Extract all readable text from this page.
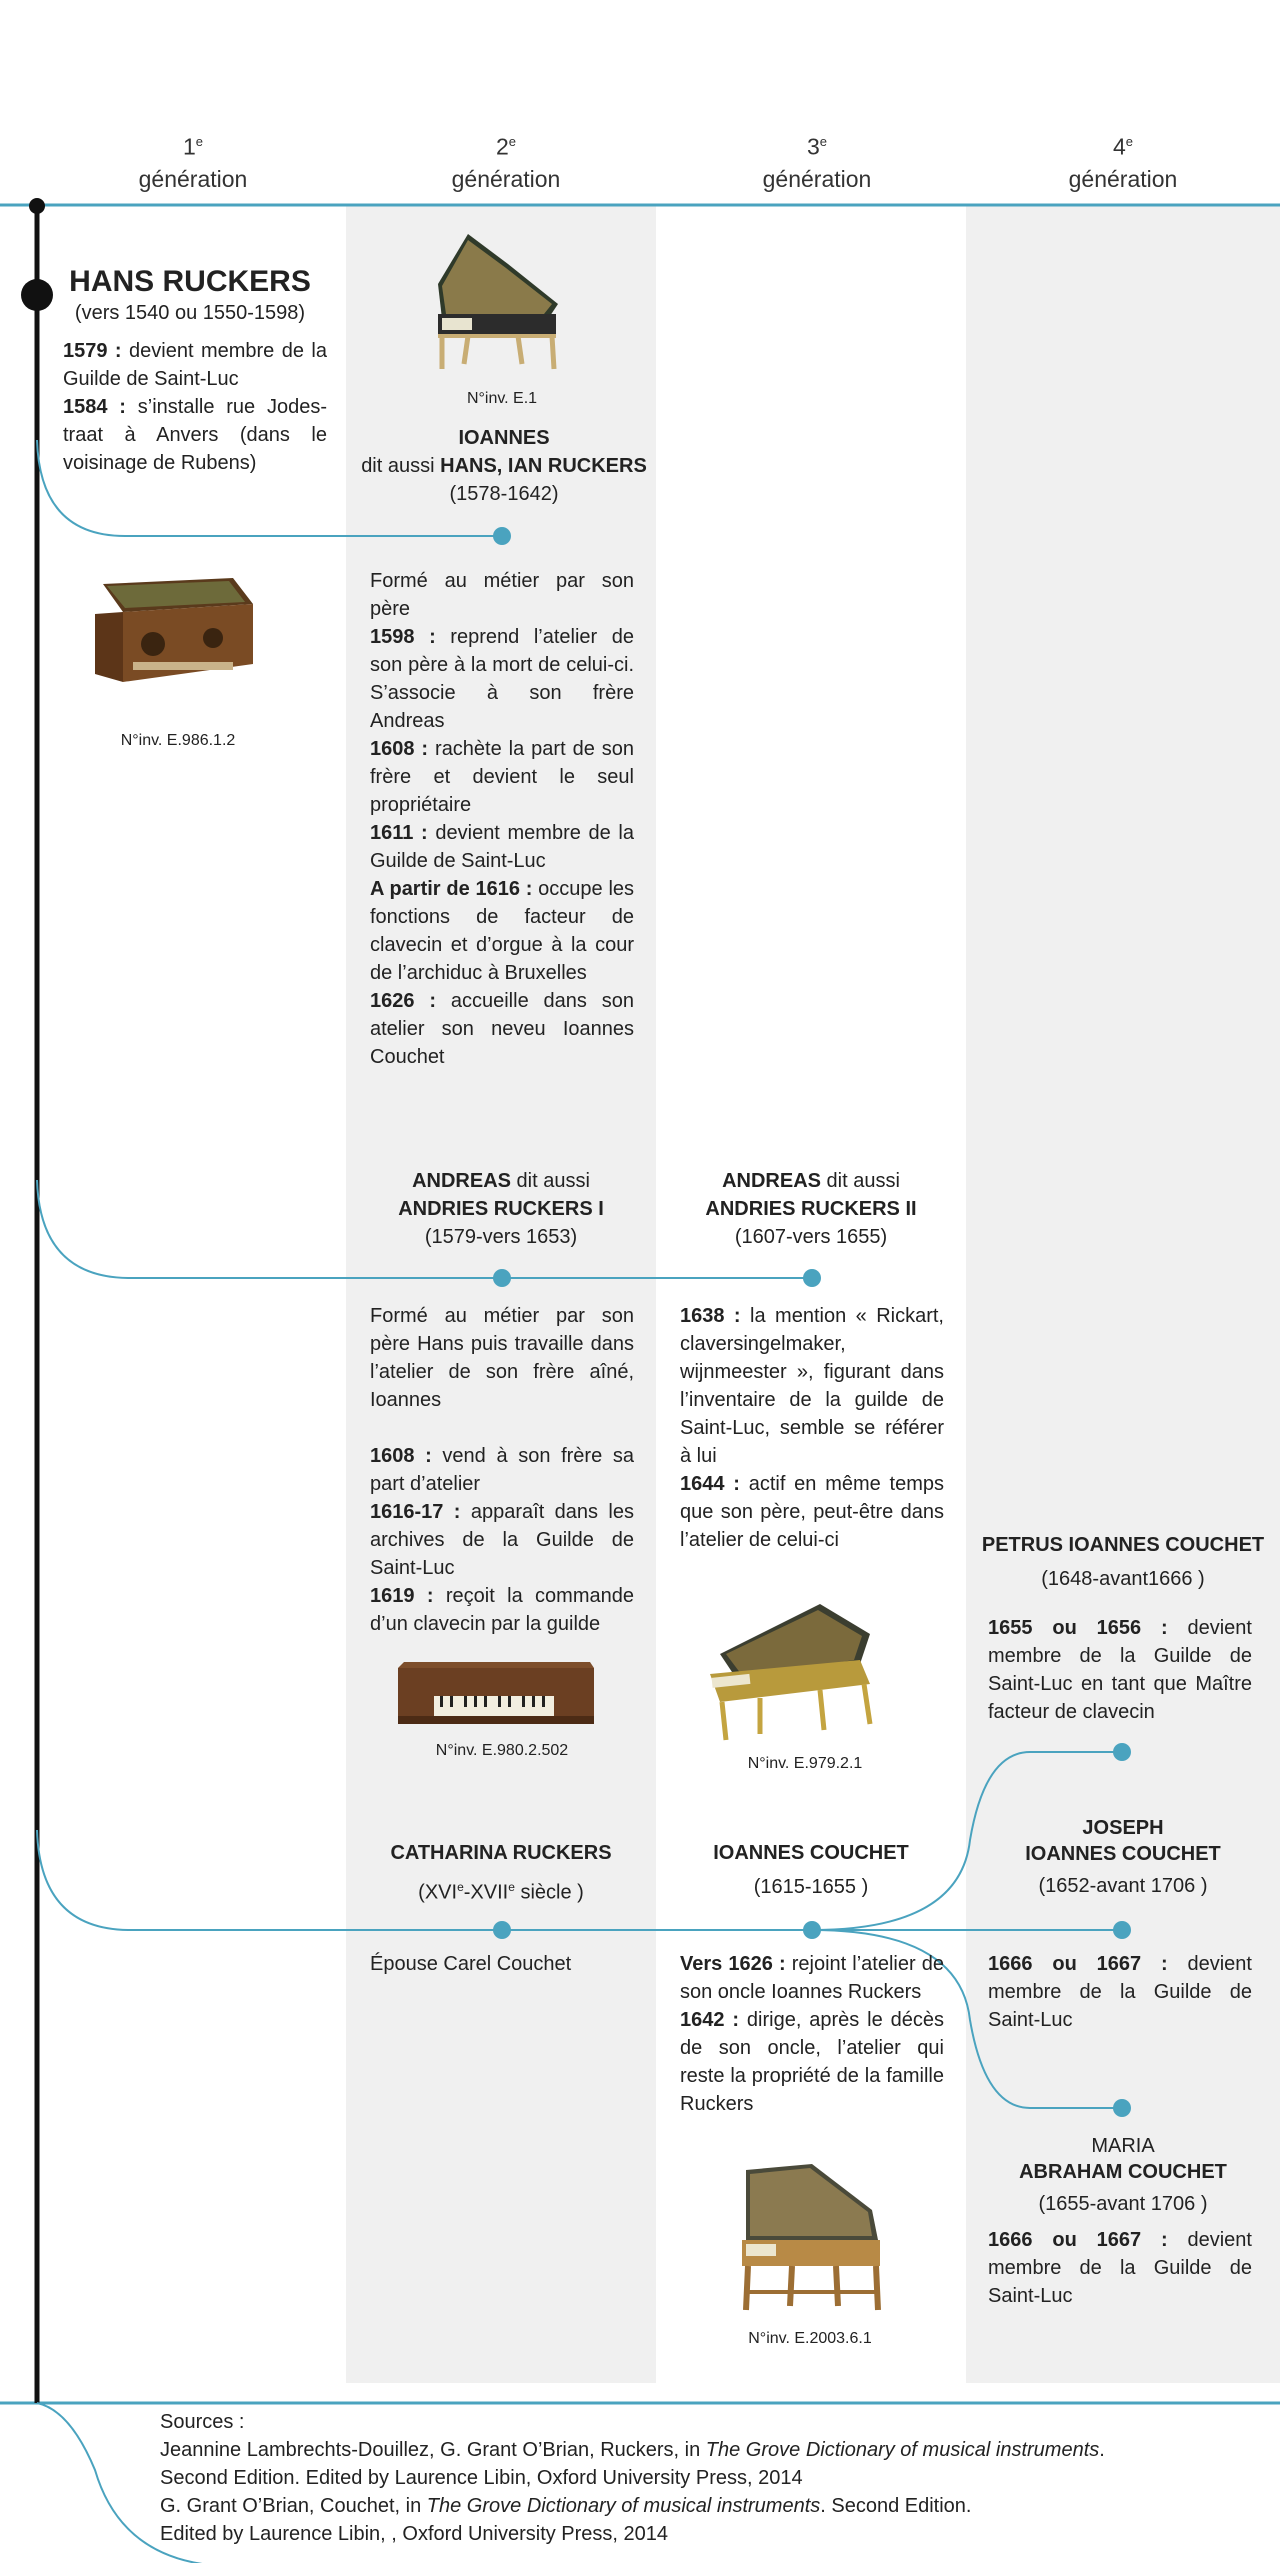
1e
génération
2e
génération
3e
génération
4e
génération
HANS RUCKERS
(vers 1540 ou 1550-1598)

1579 : devient membre de la Guilde de Saint-Luc

1584 : s’installe rue Jodes-traat à Anvers (dans le voisinage de Rubens)

N°inv. E.986.1.2
N°inv. E.1
IOANNES
dit aussi HANS, IAN RUCKERS
(1578-1642)

Formé au métier par son père

1598 : reprend l’atelier de son père à la mort de celui-ci. S’associe à son frère Andreas

1608 : rachète la part de son frère et devient le seul propriétaire

1611 : devient membre de la Guilde de Saint-Luc

A partir de 1616 : occupe les fonctions de facteur de clavecin et d’orgue à la cour de l’archiduc à Bruxelles

1626 : accueille dans son atelier son neveu Ioannes Couchet

ANDREAS dit aussi
ANDRIES RUCKERS I
(1579-vers 1653)

Formé au métier par son père Hans puis travaille dans l’atelier de son frère aîné, Ioannes

1608 : vend à son frère sa part d’atelier

1616-17 : apparaît dans les archives de la Guilde de Saint-Luc

1619 : reçoit la commande d’un clavecin par la guilde

N°inv. E.980.2.502
ANDREAS dit aussi
ANDRIES RUCKERS II
(1607-vers 1655)

1638 : la mention « Rickart, claversingelmaker, wijnmeester », figurant dans l’inventaire de la guilde de Saint-Luc, semble se référer à lui

1644 : actif en même temps que son père, peut-être dans l’atelier de celui-ci

N°inv. E.979.2.1
CATHARINA RUCKERS
(XVIe-XVIIe siècle )
Épouse Carel Couchet
IOANNES COUCHET
(1615-1655 )

Vers 1626 : rejoint l’atelier de son oncle Ioannes Ruckers

1642 : dirige, après le décès de son oncle, l’atelier qui reste la propriété de la famille Ruckers

N°inv. E.2003.6.1
PETRUS IOANNES COUCHET
(1648-avant1666 )

1655 ou 1656 : devient membre de la Guilde de Saint-Luc en tant que Maître facteur de clavecin

JOSEPH
IOANNES COUCHET
(1652-avant 1706 )

1666 ou 1667 : devient membre de la Guilde de Saint-Luc

MARIA
ABRAHAM COUCHET
(1655-avant 1706 )

1666 ou 1667 : devient membre de la Guilde de Saint-Luc

Sources :

Jeannine Lambrechts-Douillez, G. Grant O’Brian, Ruckers, in The Grove Dictionary of musical instruments.

Second Edition. Edited by Laurence Libin, Oxford University Press, 2014

G. Grant O’Brian, Couchet, in The Grove Dictionary of musical instruments. Second Edition.

Edited by Laurence Libin, , Oxford University Press, 2014
